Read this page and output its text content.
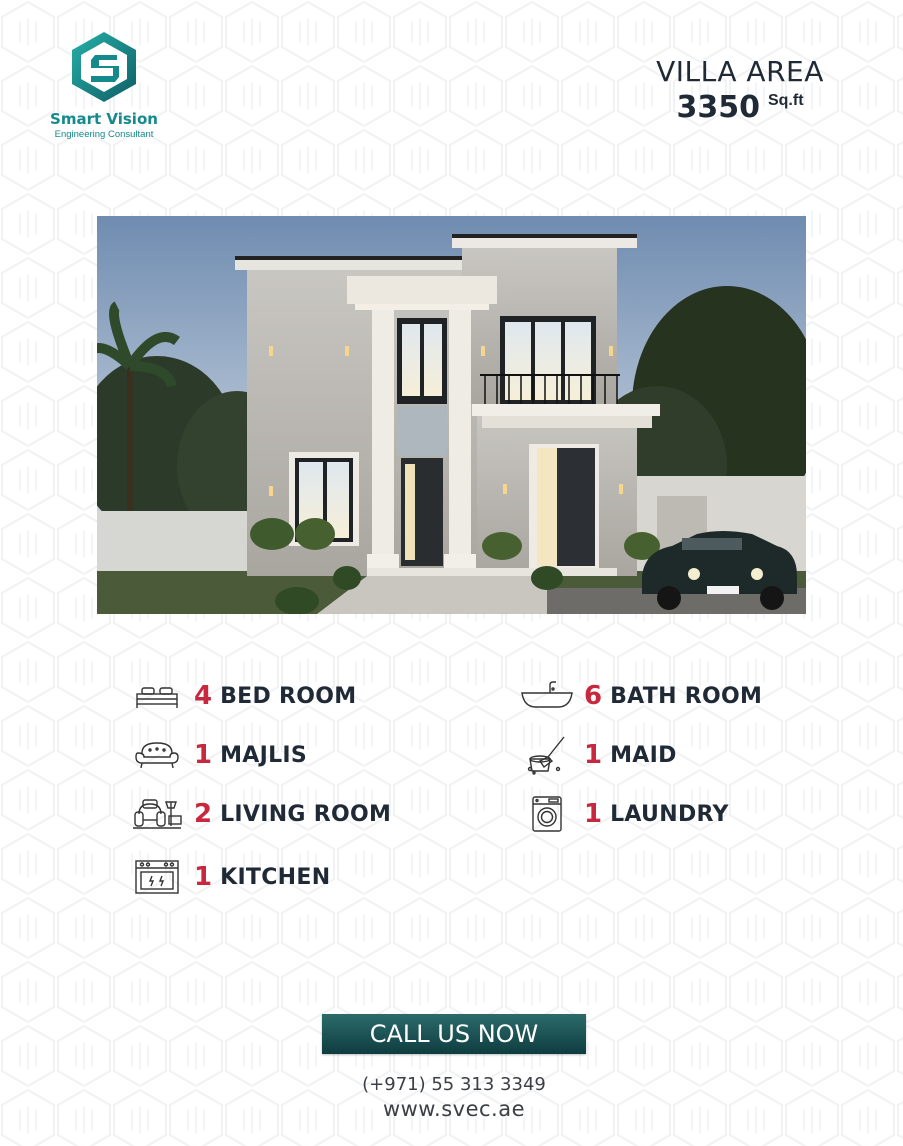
Smart Vision
Engineering Consultant
VILLA AREA
3350 Sq.ft
4 BED ROOM
1 MAJLIS
2 LIVING ROOM
1 KITCHEN
6 BATH ROOM
1 MAID
1 LAUNDRY
CALL US NOW
(+971) 55 313 3349
www.svec.ae
